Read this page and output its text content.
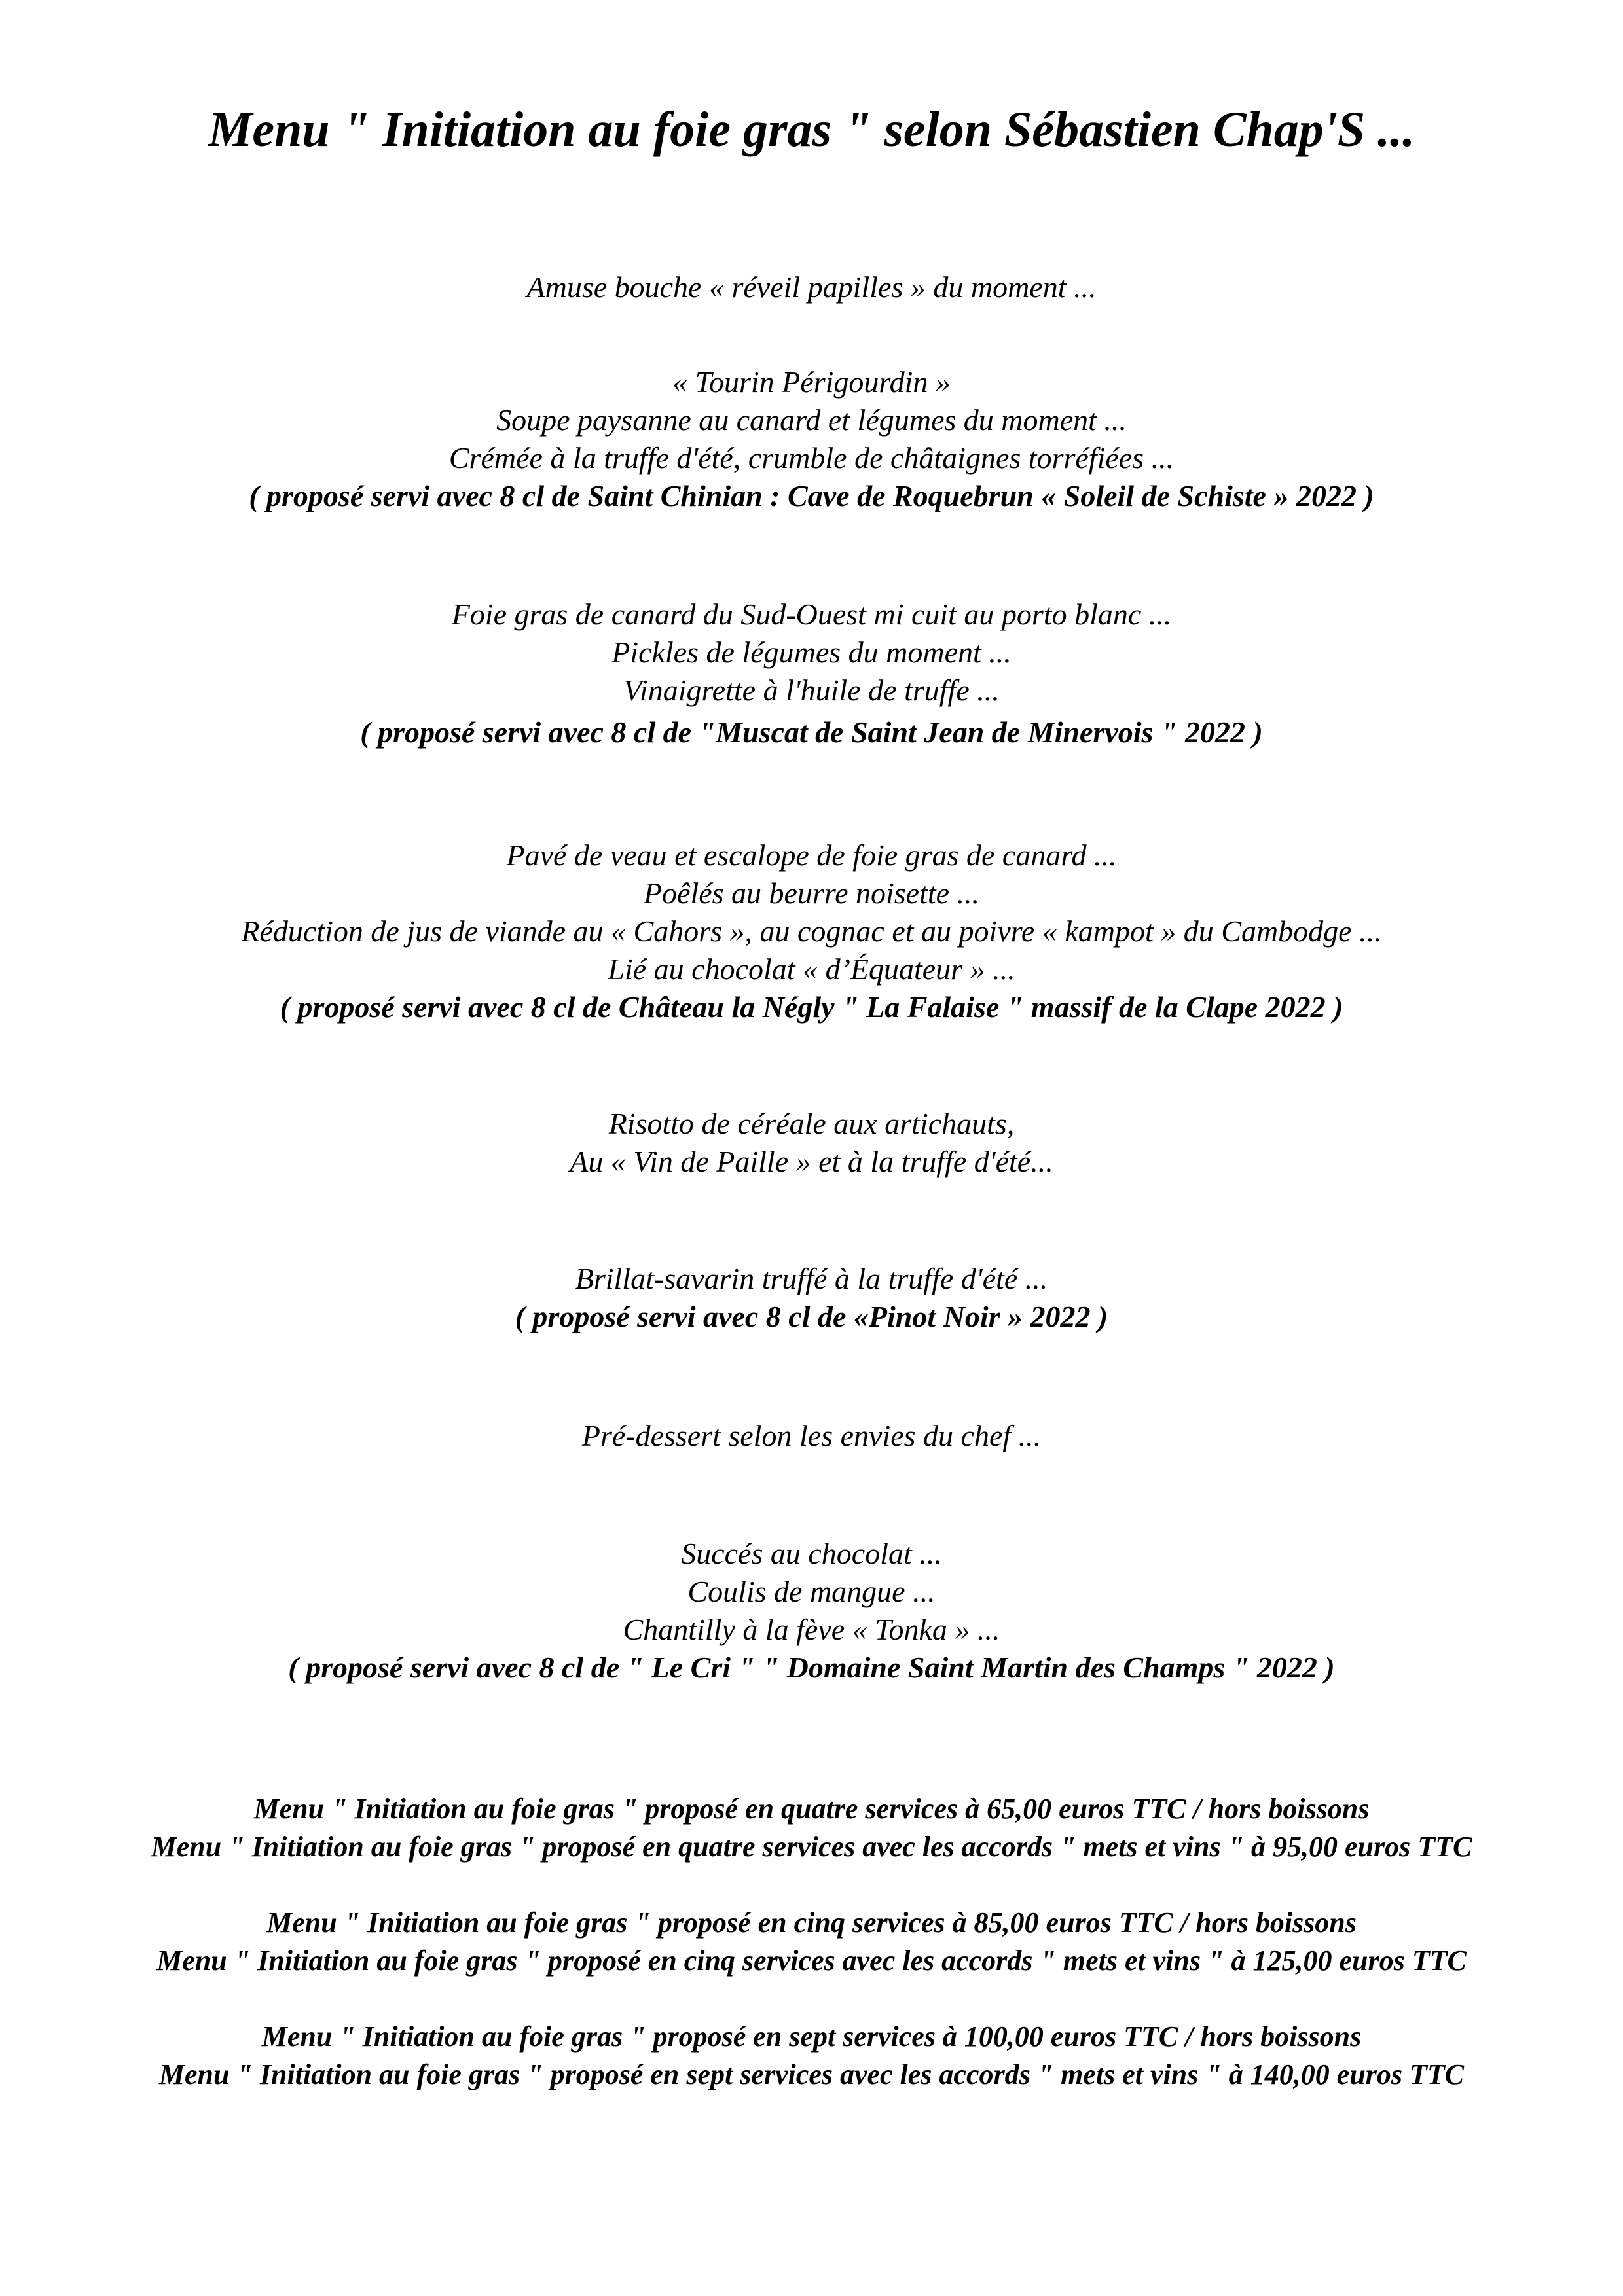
Menu " Initiation au foie gras " selon Sébastien Chap'S ...
Amuse bouche « réveil papilles » du moment ...
« Tourin Périgourdin »
Soupe paysanne au canard et légumes du moment ...
Crémée à la truffe d'été, crumble de châtaignes torréfiées ...
( proposé servi avec 8 cl de Saint Chinian : Cave de Roquebrun « Soleil de Schiste » 2022 )
Foie gras de canard du Sud-Ouest mi cuit au porto blanc ...
Pickles de légumes du moment ...
Vinaigrette à l'huile de truffe ...
( proposé servi avec 8 cl de "Muscat de Saint Jean de Minervois " 2022 )
Pavé de veau et escalope de foie gras de canard ...
Poêlés au beurre noisette ...
Réduction de jus de viande au « Cahors », au cognac et au poivre « kampot » du Cambodge ...
Lié au chocolat « d’Équateur » ...
( proposé servi avec 8 cl de Château la Négly " La Falaise " massif de la Clape 2022 )
Risotto de céréale aux artichauts,
Au « Vin de Paille » et à la truffe d'été...
Brillat-savarin truffé à la truffe d'été ...
( proposé servi avec 8 cl de «Pinot Noir » 2022 )
Pré-dessert selon les envies du chef ...
Succés au chocolat ...
Coulis de mangue ...
Chantilly à la fève « Tonka » ...
( proposé servi avec 8 cl de " Le Cri " " Domaine Saint Martin des Champs " 2022 )
Menu " Initiation au foie gras " proposé en quatre services à 65,00 euros TTC / hors boissons
Menu " Initiation au foie gras " proposé en quatre services avec les accords " mets et vins " à 95,00 euros TTC
Menu " Initiation au foie gras " proposé en cinq services à 85,00 euros TTC / hors boissons
Menu " Initiation au foie gras " proposé en cinq services avec les accords " mets et vins " à 125,00 euros TTC
Menu " Initiation au foie gras " proposé en sept services à 100,00 euros TTC / hors boissons
Menu " Initiation au foie gras " proposé en sept services avec les accords " mets et vins " à 140,00 euros TTC
